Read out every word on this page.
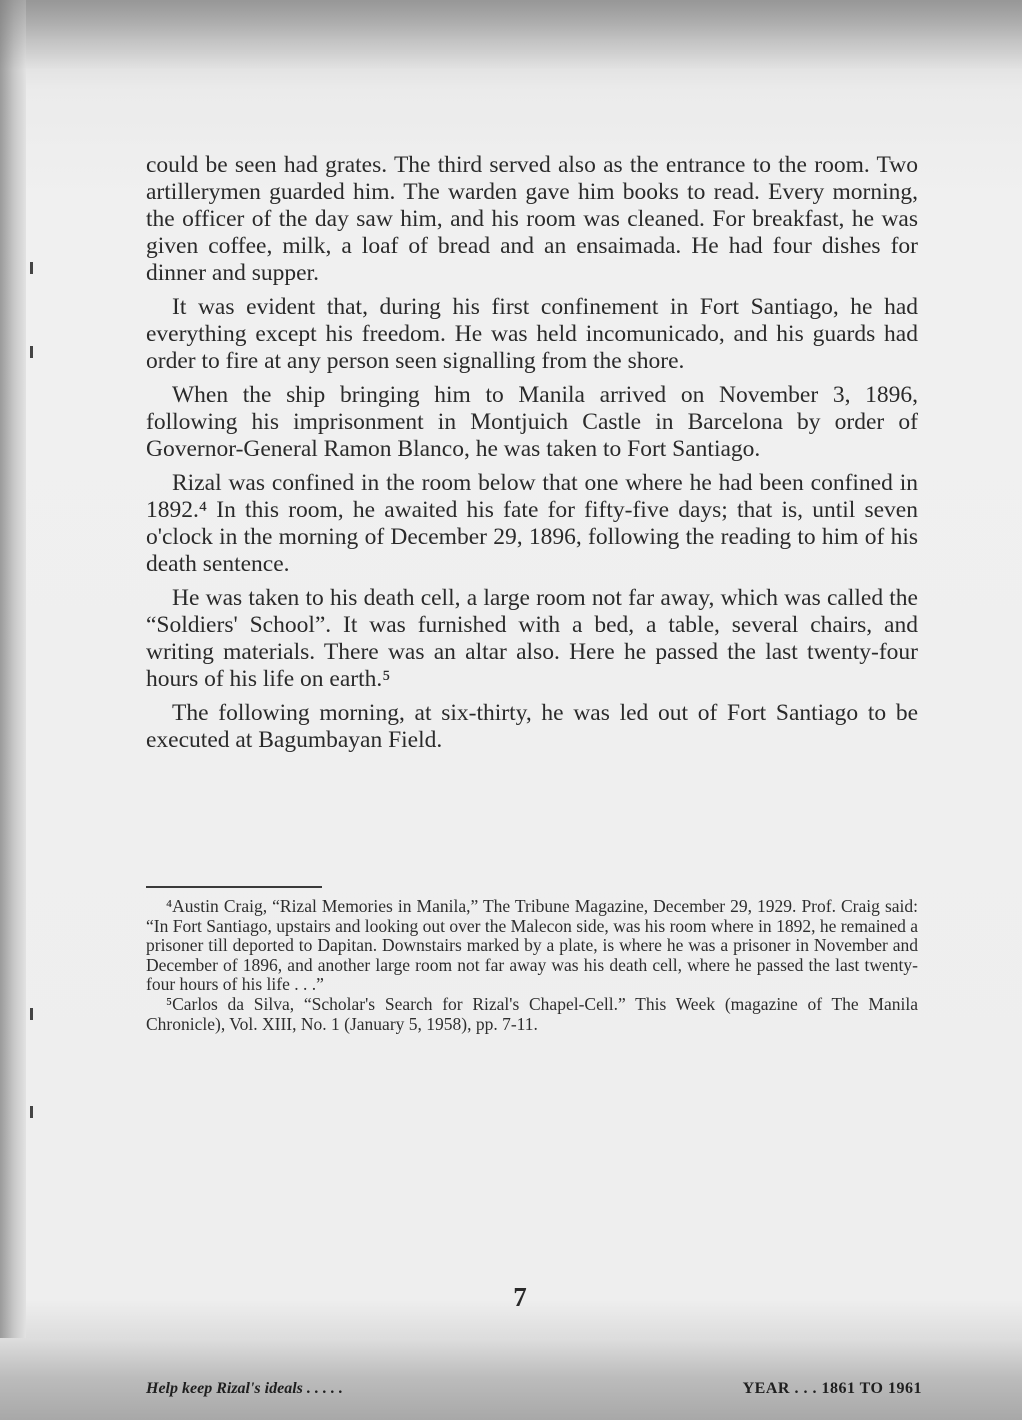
could be seen had grates. The third served also as the entrance to the room. Two artillerymen guarded him. The warden gave him books to read. Every morning, the officer of the day saw him, and his room was cleaned. For breakfast, he was given coffee, milk, a loaf of bread and an ensaimada. He had four dishes for dinner and supper.

It was evident that, during his first confinement in Fort Santiago, he had everything except his freedom. He was held incomunicado, and his guards had order to fire at any person seen signalling from the shore.

When the ship bringing him to Manila arrived on November 3, 1896, following his imprisonment in Montjuich Castle in Barcelona by order of Governor-General Ramon Blanco, he was taken to Fort Santiago.

Rizal was confined in the room below that one where he had been confined in 1892.⁴ In this room, he awaited his fate for fifty-five days; that is, until seven o'clock in the morning of December 29, 1896, following the reading to him of his death sentence.

He was taken to his death cell, a large room not far away, which was called the “Soldiers' School”. It was furnished with a bed, a table, several chairs, and writing materials. There was an altar also. Here he passed the last twenty-four hours of his life on earth.⁵

The following morning, at six-thirty, he was led out of Fort Santiago to be executed at Bagumbayan Field.

⁴Austin Craig, “Rizal Memories in Manila,” The Tribune Magazine, December 29, 1929. Prof. Craig said: “In Fort Santiago, upstairs and looking out over the Malecon side, was his room where in 1892, he remained a prisoner till deported to Dapitan. Downstairs marked by a plate, is where he was a prisoner in November and December of 1896, and another large room not far away was his death cell, where he passed the last twenty-four hours of his life . . .”

⁵Carlos da Silva, “Scholar's Search for Rizal's Chapel-Cell.” This Week (magazine of The Manila Chronicle), Vol. XIII, No. 1 (January 5, 1958), pp. 7-11.

7
Help keep Rizal's ideals . . . . .	YEAR . . . 1861 TO 1961
